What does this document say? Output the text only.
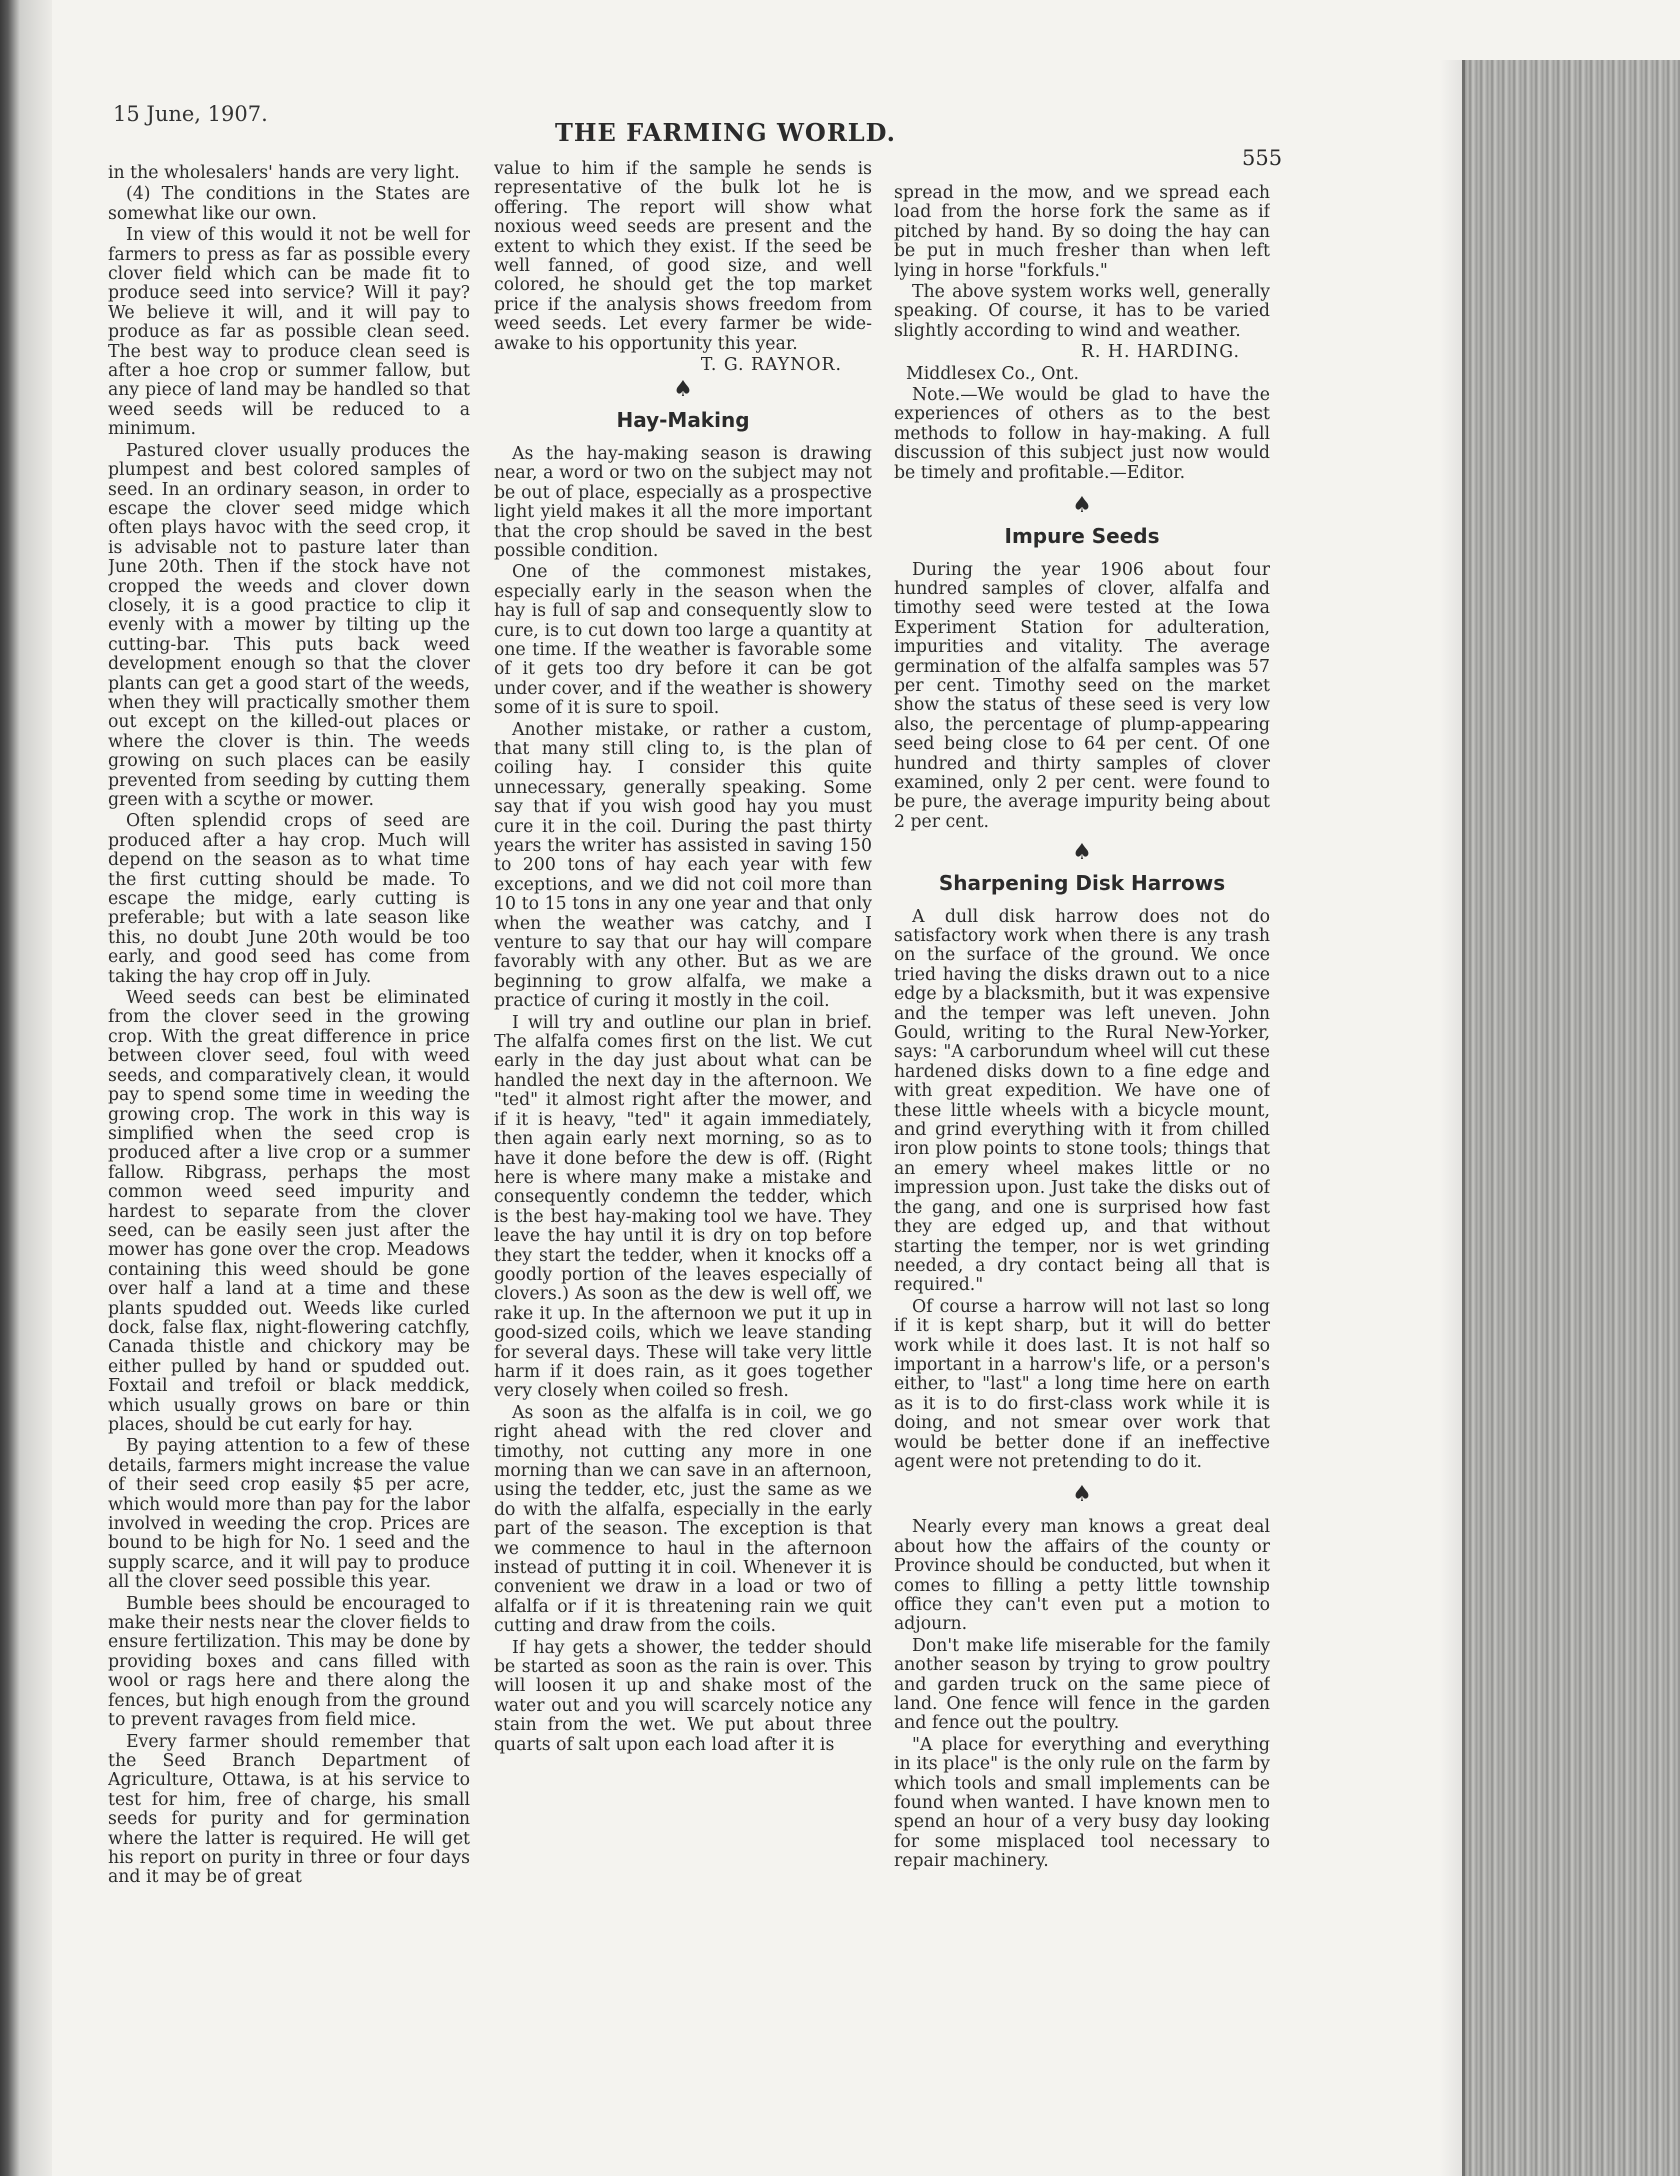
15 June, 1907.
THE FARMING WORLD.
555

in the wholesalers' hands are very light.

(4) The conditions in the States are somewhat like our own.

In view of this would it not be well for farmers to press as far as possible every clover field which can be made fit to produce seed into service? Will it pay? We believe it will, and it will pay to produce as far as possible clean seed. The best way to produce clean seed is after a hoe crop or summer fallow, but any piece of land may be handled so that weed seeds will be reduced to a minimum.

Pastured clover usually produces the plumpest and best colored samples of seed. In an ordinary season, in order to escape the clover seed midge which often plays havoc with the seed crop, it is advisable not to pasture later than June 20th. Then if the stock have not cropped the weeds and clover down closely, it is a good practice to clip it evenly with a mower by tilting up the cutting-bar. This puts back weed development enough so that the clover plants can get a good start of the weeds, when they will practically smother them out except on the killed-out places or where the clover is thin. The weeds growing on such places can be easily prevented from seeding by cutting them green with a scythe or mower.

Often splendid crops of seed are produced after a hay crop. Much will depend on the season as to what time the first cutting should be made. To escape the midge, early cutting is preferable; but with a late season like this, no doubt June 20th would be too early, and good seed has come from taking the hay crop off in July.

Weed seeds can best be eliminated from the clover seed in the growing crop. With the great difference in price between clover seed, foul with weed seeds, and comparatively clean, it would pay to spend some time in weeding the growing crop. The work in this way is simplified when the seed crop is produced after a live crop or a summer fallow. Ribgrass, perhaps the most common weed seed impurity and hardest to separate from the clover seed, can be easily seen just after the mower has gone over the crop. Meadows containing this weed should be gone over half a land at a time and these plants spudded out. Weeds like curled dock, false flax, night-flowering catchfly, Canada thistle and chickory may be either pulled by hand or spudded out. Foxtail and trefoil or black meddick, which usually grows on bare or thin places, should be cut early for hay.

By paying attention to a few of these details, farmers might increase the value of their seed crop easily $5 per acre, which would more than pay for the labor involved in weeding the crop. Prices are bound to be high for No. 1 seed and the supply scarce, and it will pay to produce all the clover seed possible this year.

Bumble bees should be encouraged to make their nests near the clover fields to ensure fertilization. This may be done by providing boxes and cans filled with wool or rags here and there along the fences, but high enough from the ground to prevent ravages from field mice.

Every farmer should remember that the Seed Branch Department of Agriculture, Ottawa, is at his service to test for him, free of charge, his small seeds for purity and for germination where the latter is required. He will get his report on purity in three or four days and it may be of great

value to him if the sample he sends is representative of the bulk lot he is offering. The report will show what noxious weed seeds are present and the extent to which they exist. If the seed be well fanned, of good size, and well colored, he should get the top market price if the analysis shows freedom from weed seeds. Let every farmer be wide-awake to his opportunity this year.

T. G. RAYNOR.

♠
Hay-Making

As the hay-making season is drawing near, a word or two on the subject may not be out of place, especially as a prospective light yield makes it all the more important that the crop should be saved in the best possible condition.

One of the commonest mistakes, especially early in the season when the hay is full of sap and consequently slow to cure, is to cut down too large a quantity at one time. If the weather is favorable some of it gets too dry before it can be got under cover, and if the weather is showery some of it is sure to spoil.

Another mistake, or rather a custom, that many still cling to, is the plan of coiling hay. I consider this quite unnecessary, generally speaking. Some say that if you wish good hay you must cure it in the coil. During the past thirty years the writer has assisted in saving 150 to 200 tons of hay each year with few exceptions, and we did not coil more than 10 to 15 tons in any one year and that only when the weather was catchy, and I venture to say that our hay will compare favorably with any other. But as we are beginning to grow alfalfa, we make a practice of curing it mostly in the coil.

I will try and outline our plan in brief. The alfalfa comes first on the list. We cut early in the day just about what can be handled the next day in the afternoon. We "ted" it almost right after the mower, and if it is heavy, "ted" it again immediately, then again early next morning, so as to have it done before the dew is off. (Right here is where many make a mistake and consequently condemn the tedder, which is the best hay-making tool we have. They leave the hay until it is dry on top before they start the tedder, when it knocks off a goodly portion of the leaves especially of clovers.) As soon as the dew is well off, we rake it up. In the afternoon we put it up in good-sized coils, which we leave standing for several days. These will take very little harm if it does rain, as it goes together very closely when coiled so fresh.

As soon as the alfalfa is in coil, we go right ahead with the red clover and timothy, not cutting any more in one morning than we can save in an afternoon, using the tedder, etc, just the same as we do with the alfalfa, especially in the early part of the season. The exception is that we commence to haul in the afternoon instead of putting it in coil. Whenever it is convenient we draw in a load or two of alfalfa or if it is threatening rain we quit cutting and draw from the coils.

If hay gets a shower, the tedder should be started as soon as the rain is over. This will loosen it up and shake most of the water out and you will scarcely notice any stain from the wet. We put about three quarts of salt upon each load after it is

spread in the mow, and we spread each load from the horse fork the same as if pitched by hand. By so doing the hay can be put in much fresher than when left lying in horse "forkfuls."

The above system works well, generally speaking. Of course, it has to be varied slightly according to wind and weather.

R. H. HARDING.

Middlesex Co., Ont.

Note.—We would be glad to have the experiences of others as to the best methods to follow in hay-making. A full discussion of this subject just now would be timely and profitable.—Editor.

♠
Impure Seeds

During the year 1906 about four hundred samples of clover, alfalfa and timothy seed were tested at the Iowa Experiment Station for adulteration, impurities and vitality. The average germination of the alfalfa samples was 57 per cent. Timothy seed on the market show the status of these seed is very low also, the percentage of plump-appearing seed being close to 64 per cent. Of one hundred and thirty samples of clover examined, only 2 per cent. were found to be pure, the average impurity being about 2 per cent.

♠
Sharpening Disk Harrows

A dull disk harrow does not do satisfactory work when there is any trash on the surface of the ground. We once tried having the disks drawn out to a nice edge by a blacksmith, but it was expensive and the temper was left uneven. John Gould, writing to the Rural New-Yorker, says: "A carborundum wheel will cut these hardened disks down to a fine edge and with great expedition. We have one of these little wheels with a bicycle mount, and grind everything with it from chilled iron plow points to stone tools; things that an emery wheel makes little or no impression upon. Just take the disks out of the gang, and one is surprised how fast they are edged up, and that without starting the temper, nor is wet grinding needed, a dry contact being all that is required."

Of course a harrow will not last so long if it is kept sharp, but it will do better work while it does last. It is not half so important in a harrow's life, or a person's either, to "last" a long time here on earth as it is to do first-class work while it is doing, and not smear over work that would be better done if an ineffective agent were not pretending to do it.

♠

Nearly every man knows a great deal about how the affairs of the county or Province should be conducted, but when it comes to filling a petty little township office they can't even put a motion to adjourn.

Don't make life miserable for the family another season by trying to grow poultry and garden truck on the same piece of land. One fence will fence in the garden and fence out the poultry.

"A place for everything and everything in its place" is the only rule on the farm by which tools and small implements can be found when wanted. I have known men to spend an hour of a very busy day looking for some misplaced tool necessary to repair machinery.
